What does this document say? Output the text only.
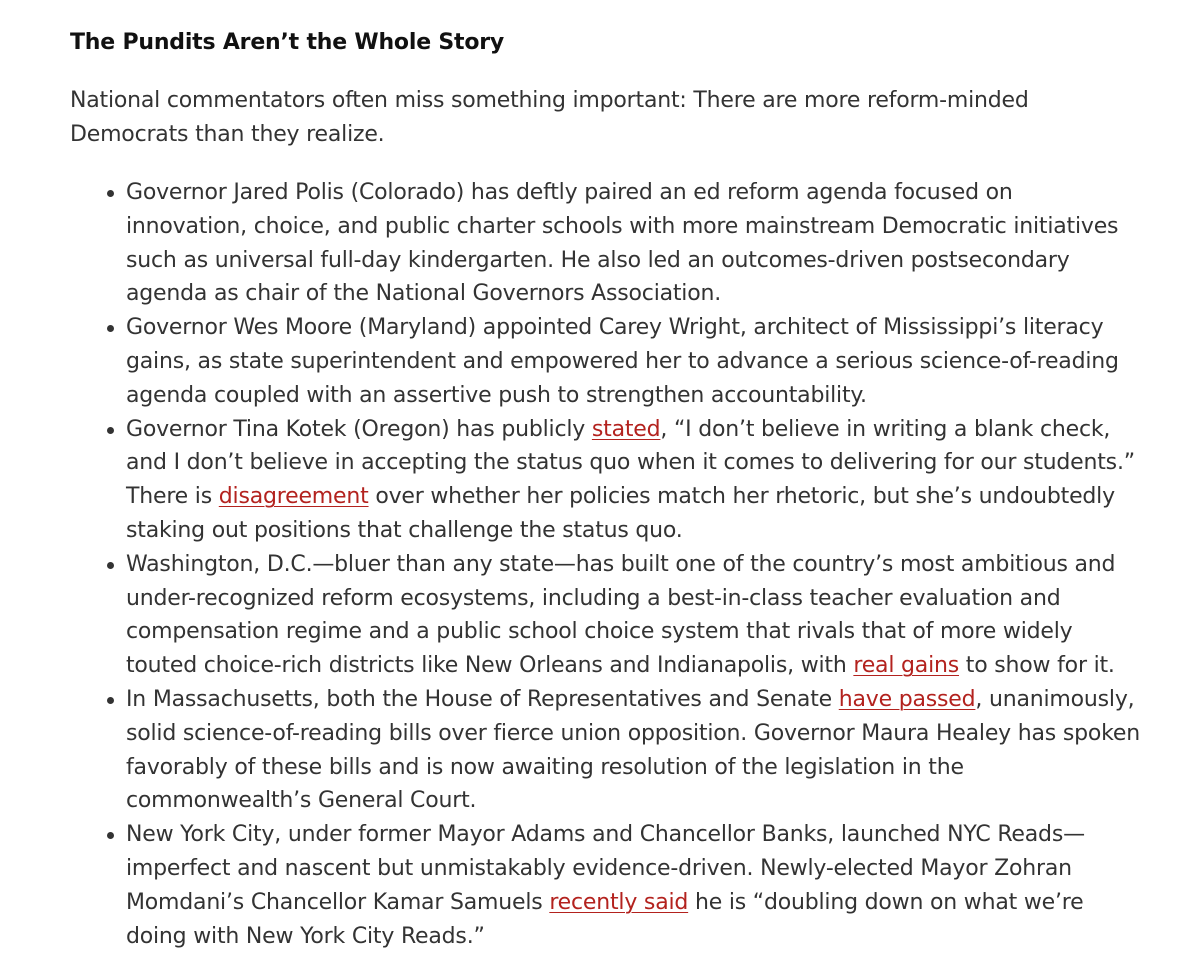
The Pundits Aren’t the Whole Story

National commentators often miss something important: There are more reform-minded Democrats than they realize.

Governor Jared Polis (Colorado) has deftly paired an ed reform agenda focused on innovation, choice, and public charter schools with more mainstream Democratic initiatives such as universal full-day kindergarten. He also led an outcomes-driven postsecondary agenda as chair of the National Governors Association.
Governor Wes Moore (Maryland) appointed Carey Wright, architect of Mississippi’s literacy gains, as state superintendent and empowered her to advance a serious science-of-reading agenda coupled with an assertive push to strengthen accountability.
Governor Tina Kotek (Oregon) has publicly stated, “I don’t believe in writing a blank check, and I don’t believe in accepting the status quo when it comes to delivering for our students.” There is disagreement over whether her policies match her rhetoric, but she’s undoubtedly staking out positions that challenge the status quo.
Washington, D.C.—bluer than any state—has built one of the country’s most ambitious and under-recognized reform ecosystems, including a best-in-class teacher evaluation and compensation regime and a public school choice system that rivals that of more widely touted choice-rich districts like New Orleans and Indianapolis, with real gains to show for it.
In Massachusetts, both the House of Representatives and Senate have passed, unanimously, solid science-of-reading bills over fierce union opposition. Governor Maura Healey has spoken favorably of these bills and is now awaiting resolution of the legislation in the commonwealth’s General Court.
New York City, under former Mayor Adams and Chancellor Banks, launched NYC Reads—imperfect and nascent but unmistakably evidence-driven. Newly-elected Mayor Zohran Momdani’s Chancellor Kamar Samuels recently said he is “doubling down on what we’re doing with New York City Reads.”
